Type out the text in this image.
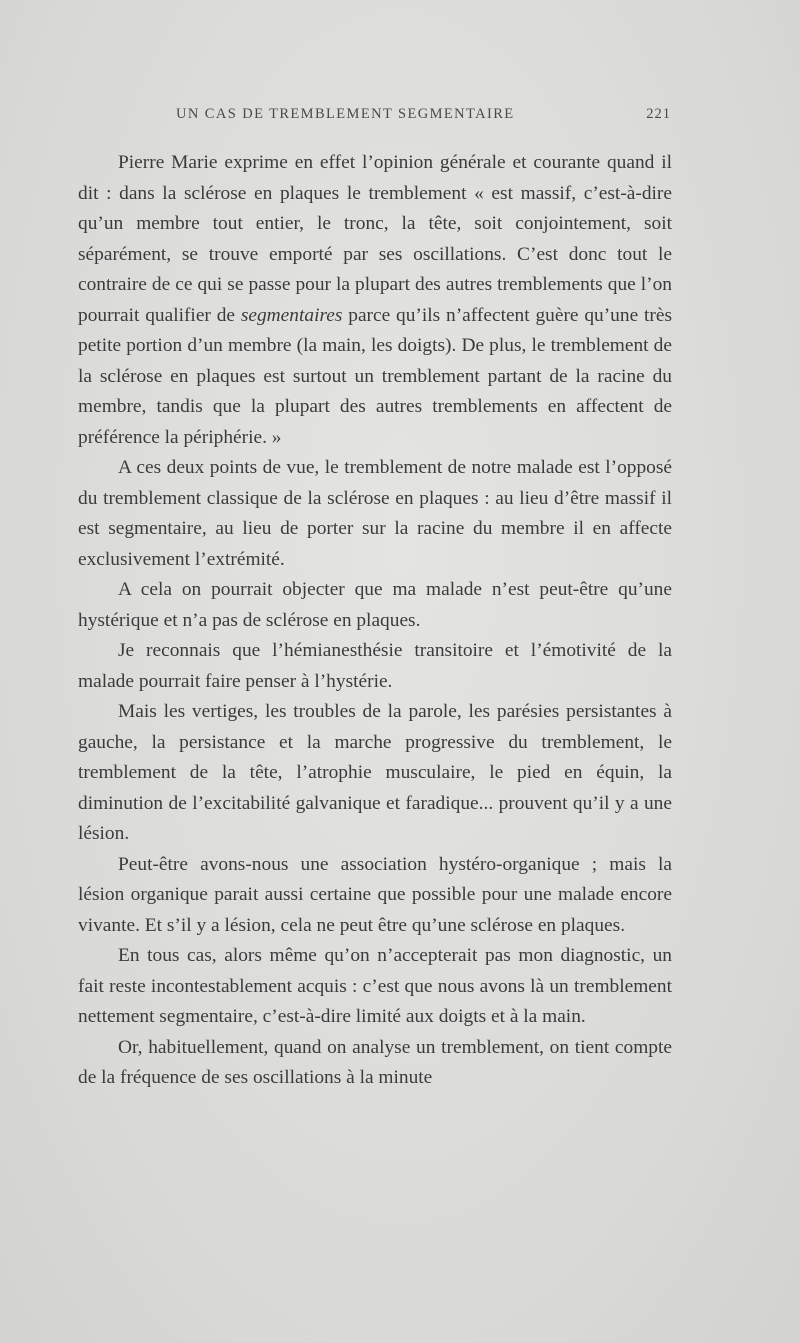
UN CAS DE TREMBLEMENT SEGMENTAIRE	221

Pierre Marie exprime en effet l’opinion générale et courante quand il dit : dans la sclérose en plaques le tremblement « est massif, c’est-à-dire qu’un membre tout entier, le tronc, la tête, soit conjointement, soit séparément, se trouve emporté par ses oscillations. C’est donc tout le contraire de ce qui se passe pour la plupart des autres tremblements que l’on pourrait qualifier de segmentaires parce qu’ils n’affectent guère qu’une très petite portion d’un membre (la main, les doigts). De plus, le tremblement de la sclérose en plaques est surtout un tremblement partant de la racine du membre, tandis que la plupart des autres tremblements en affectent de préférence la périphérie. »

A ces deux points de vue, le tremblement de notre malade est l’opposé du tremblement classique de la sclérose en plaques : au lieu d’être massif il est segmentaire, au lieu de porter sur la racine du membre il en affecte exclusivement l’extrémité.

A cela on pourrait objecter que ma malade n’est peut-être qu’une hystérique et n’a pas de sclérose en plaques.

Je reconnais que l’hémianesthésie transitoire et l’émotivité de la malade pourrait faire penser à l’hystérie.

Mais les vertiges, les troubles de la parole, les parésies persistantes à gauche, la persistance et la marche progressive du tremblement, le tremblement de la tête, l’atrophie musculaire, le pied en équin, la diminution de l’excitabilité galvanique et faradique... prouvent qu’il y a une lésion.

Peut-être avons-nous une association hystéro-organique ; mais la lésion organique parait aussi certaine que possible pour une malade encore vivante. Et s’il y a lésion, cela ne peut être qu’une sclérose en plaques.

En tous cas, alors même qu’on n’accepterait pas mon diagnostic, un fait reste incontestablement acquis : c’est que nous avons là un tremblement nettement segmentaire, c’est-à-dire limité aux doigts et à la main.

Or, habituellement, quand on analyse un tremblement, on tient compte de la fréquence de ses oscillations à la minute
